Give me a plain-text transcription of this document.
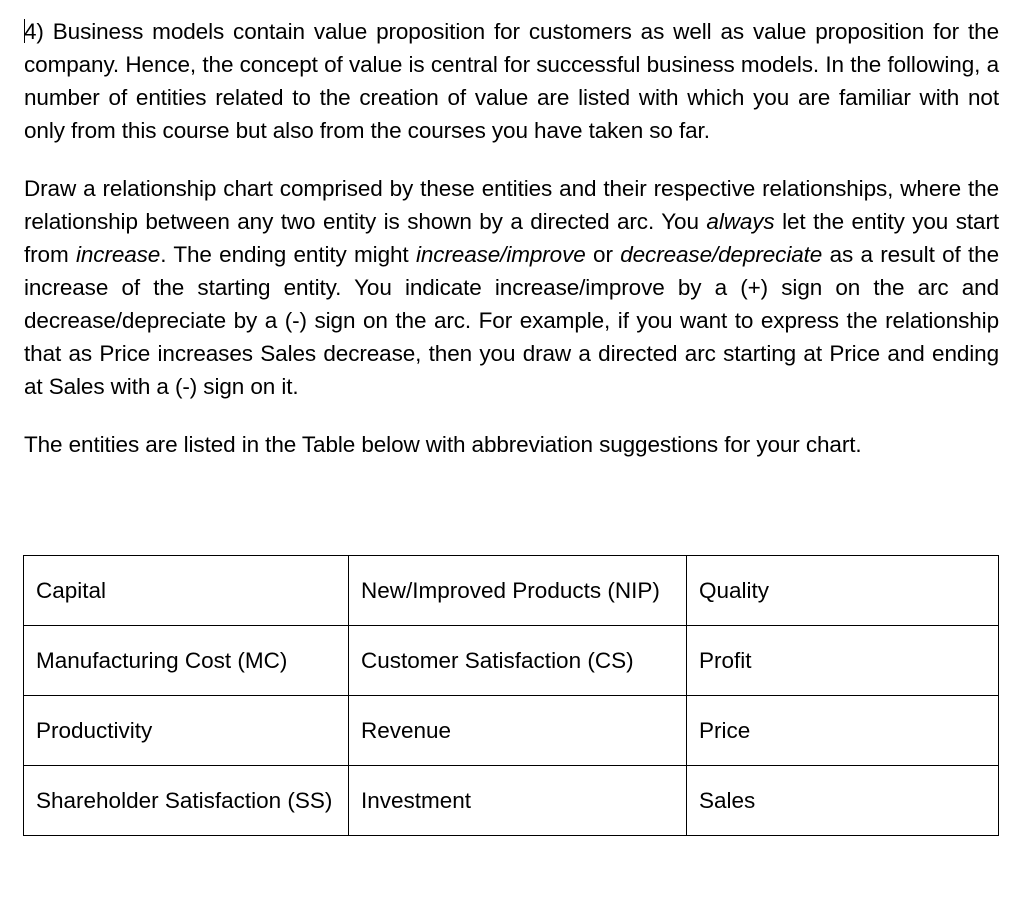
4) Business models contain value proposition for customers as well as value proposition for the company. Hence, the concept of value is central for successful business models. In the following, a number of entities related to the creation of value are listed with which you are familiar with not only from this course but also from the courses you have taken so far.

Draw a relationship chart comprised by these entities and their respective relationships, where the relationship between any two entity is shown by a directed arc. You always let the entity you start from increase. The ending entity might increase/improve or decrease/depreciate as a result of the increase of the starting entity. You indicate increase/improve by a (+) sign on the arc and decrease/depreciate by a (-) sign on the arc. For example, if you want to express the relationship that as Price increases Sales decrease, then you draw a directed arc starting at Price and ending at Sales with a (-) sign on it.

The entities are listed in the Table below with abbreviation suggestions for your chart.

Capital	New/Improved Products (NIP)	Quality
Manufacturing Cost (MC)	Customer Satisfaction (CS)	Profit
Productivity	Revenue	Price
Shareholder Satisfaction (SS)	Investment	Sales
